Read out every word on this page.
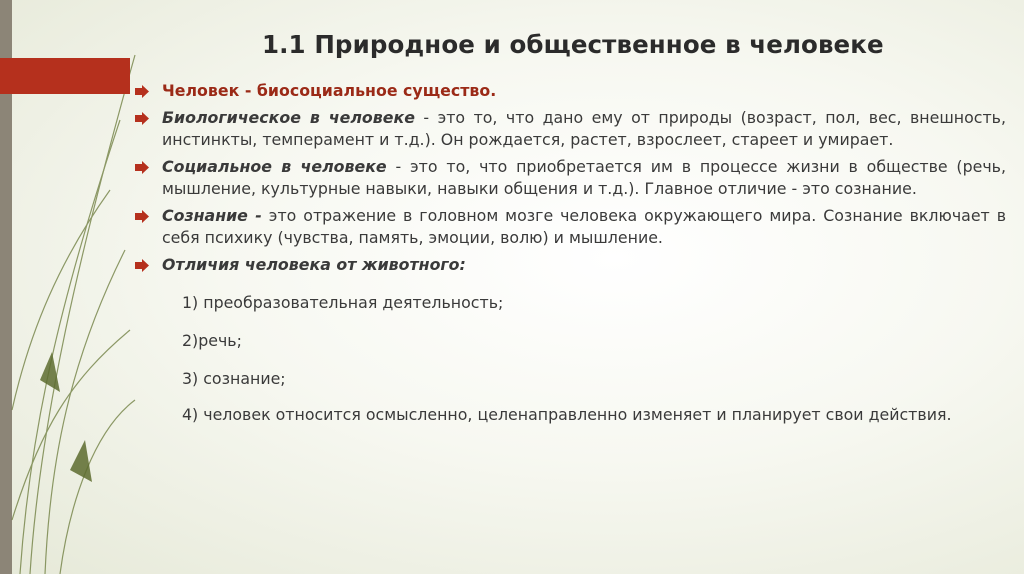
1.1 Природное и общественное в человеке
Человек - биосоциальное существо.
Биологическое в человеке - это то, что дано ему от природы (возраст, пол, вес, внешность, инстинкты, темперамент и т.д.). Он рождается, растет, взрослеет, стареет и умирает.
Социальное в человеке - это то, что приобретается им в процессе жизни в обществе (речь, мышление, культурные навыки, навыки общения и т.д.). Главное отличие - это сознание.
Сознание - это отражение в головном мозге человека окружающего мира. Сознание включает в себя психику (чувства, память, эмоции, волю) и мышление.
Отличия человека от животного:
1) преобразовательная деятельность;
2)речь;
3) сознание;
4) человек относится осмысленно, целенаправленно изменяет и планирует свои действия.
